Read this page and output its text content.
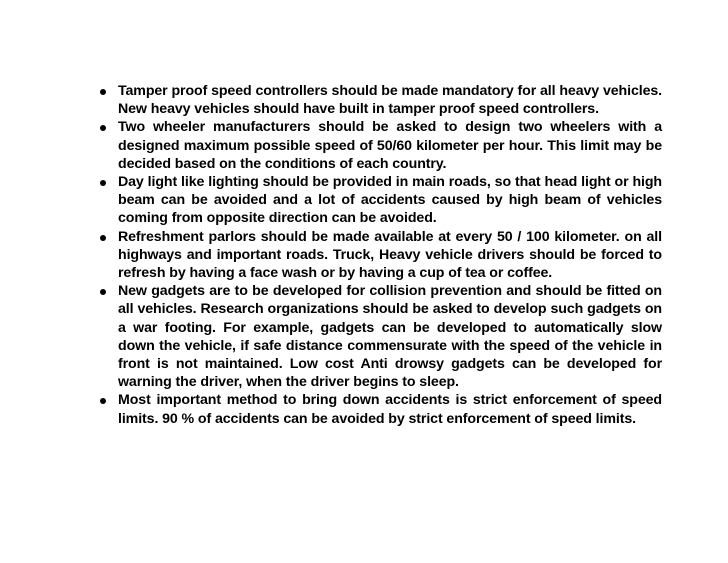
Tamper proof speed controllers should be made mandatory for all heavy vehicles. New heavy vehicles should have built in tamper proof speed controllers.
Two wheeler manufacturers should be asked to design two wheelers with a designed maximum possible speed of 50/60 kilometer per hour. This limit may be decided based on the conditions of each country.
Day light like lighting should be provided in main roads, so that head light or high beam can be avoided and a lot of accidents caused by high beam of vehicles coming from opposite direction can be avoided.
Refreshment parlors should be made available at every 50 / 100 kilometer. on all highways and important roads. Truck, Heavy vehicle drivers should be forced to refresh by having a face wash or by having a cup of tea or coffee.
New gadgets are to be developed for collision prevention and should be fitted on all vehicles. Research organizations should be asked to develop such gadgets on a war footing. For example, gadgets can be developed to automatically slow down the vehicle, if safe distance commensurate with the speed of the vehicle in front is not maintained. Low cost Anti drowsy gadgets can be developed for warning the driver, when the driver begins to sleep.
Most important method to bring down accidents is strict enforcement of speed limits. 90 % of accidents can be avoided by strict enforcement of speed limits.
